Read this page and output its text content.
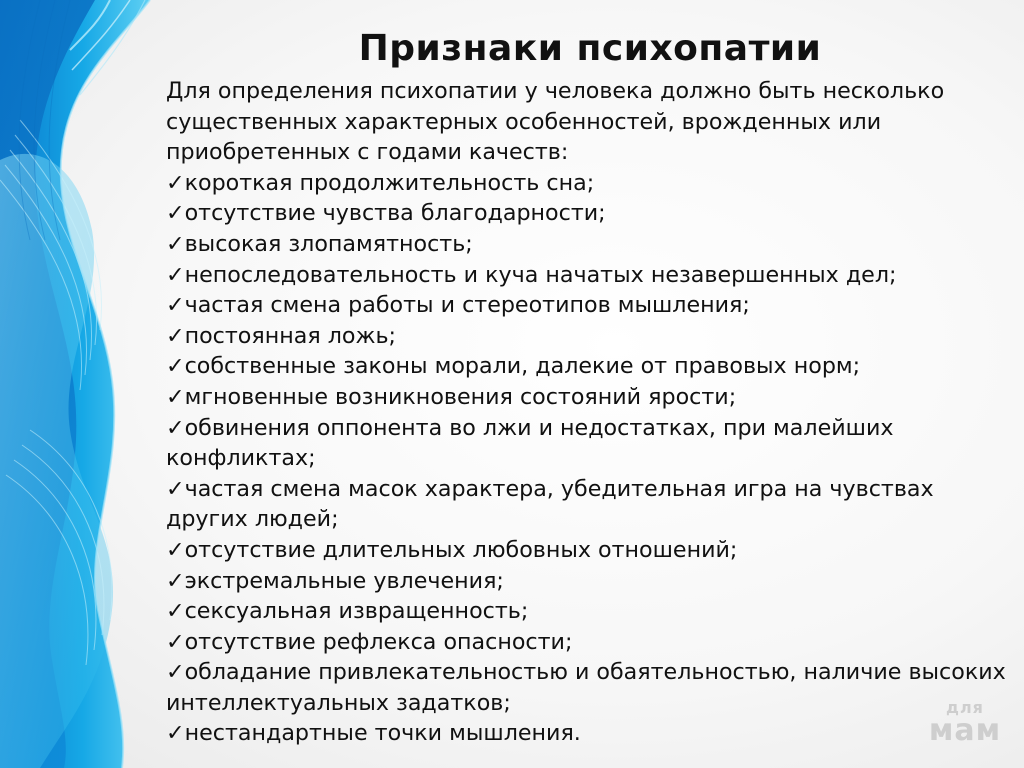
Признаки психопатии

Для определения психопатии у человека должно быть несколько существенных характерных особенностей, врожденных или приобретенных с годами качеств:

✓короткая продолжительность сна;
✓отсутствие чувства благодарности;
✓высокая злопамятность;
✓непоследовательность и куча начатых незавершенных дел;
✓частая смена работы и стереотипов мышления;
✓постоянная ложь;
✓собственные законы морали, далекие от правовых норм;
✓мгновенные возникновения состояний ярости;
✓обвинения оппонента во лжи и недостатках, при малейших конфликтах;
✓частая смена масок характера, убедительная игра на чувствах других людей;
✓отсутствие длительных любовных отношений;
✓экстремальные увлечения;
✓сексуальная извращенность;
✓отсутствие рефлекса опасности;
✓обладание привлекательностью и обаятельностью, наличие высоких интеллектуальных задатков;
✓нестандартные точки мышления.
для
мам
